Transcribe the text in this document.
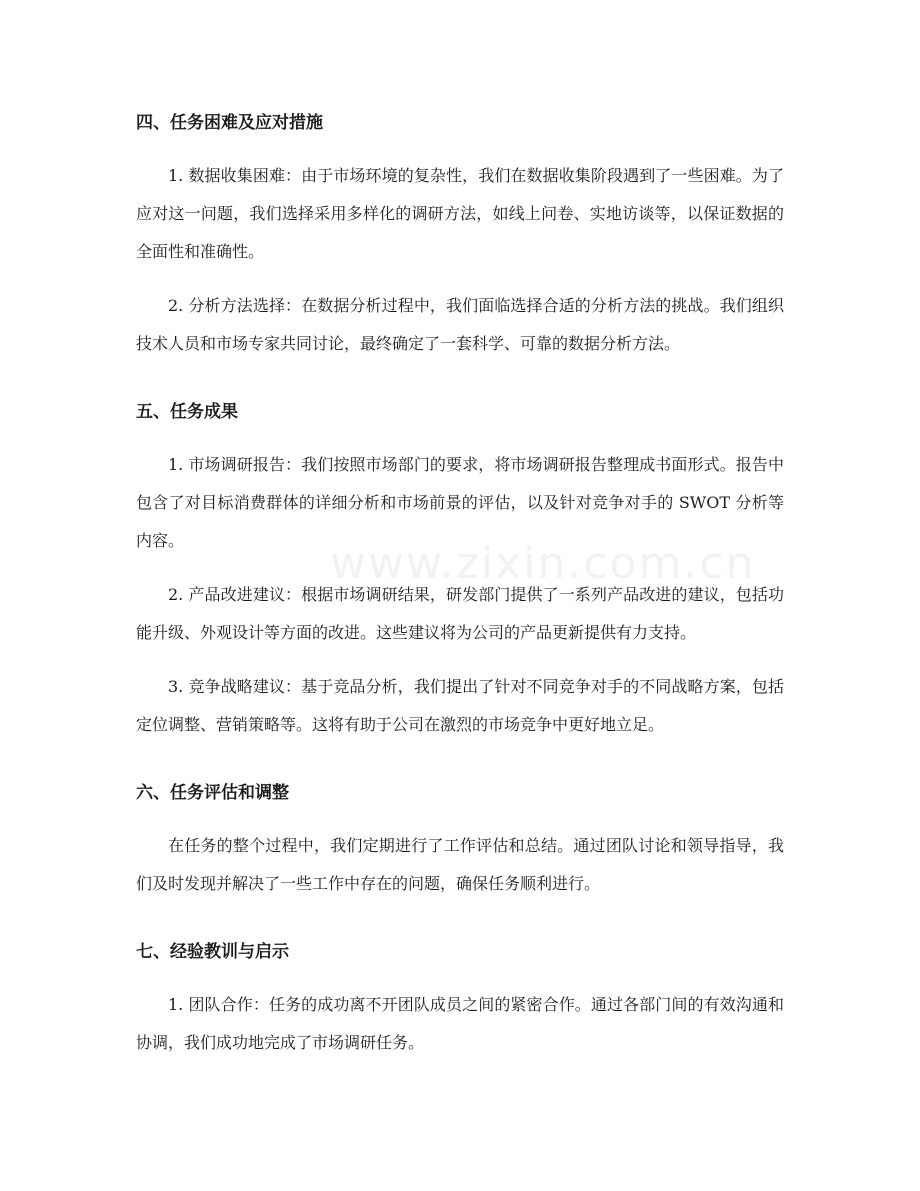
www.zixin.com.cn
四、任务困难及应对措施

1. 数据收集困难：由于市场环境的复杂性，我们在数据收集阶段遇到了一些困难。为了应对这一问题，我们选择采用多样化的调研方法，如线上问卷、实地访谈等，以保证数据的全面性和准确性。

2. 分析方法选择：在数据分析过程中，我们面临选择合适的分析方法的挑战。我们组织技术人员和市场专家共同讨论，最终确定了一套科学、可靠的数据分析方法。

五、任务成果

1. 市场调研报告：我们按照市场部门的要求，将市场调研报告整理成书面形式。报告中包含了对目标消费群体的详细分析和市场前景的评估，以及针对竞争对手的 SWOT 分析等内容。

2. 产品改进建议：根据市场调研结果，研发部门提供了一系列产品改进的建议，包括功能升级、外观设计等方面的改进。这些建议将为公司的产品更新提供有力支持。

3. 竞争战略建议：基于竞品分析，我们提出了针对不同竞争对手的不同战略方案，包括定位调整、营销策略等。这将有助于公司在激烈的市场竞争中更好地立足。

六、任务评估和调整

在任务的整个过程中，我们定期进行了工作评估和总结。通过团队讨论和领导指导，我们及时发现并解决了一些工作中存在的问题，确保任务顺利进行。

七、经验教训与启示

1. 团队合作：任务的成功离不开团队成员之间的紧密合作。通过各部门间的有效沟通和协调，我们成功地完成了市场调研任务。
